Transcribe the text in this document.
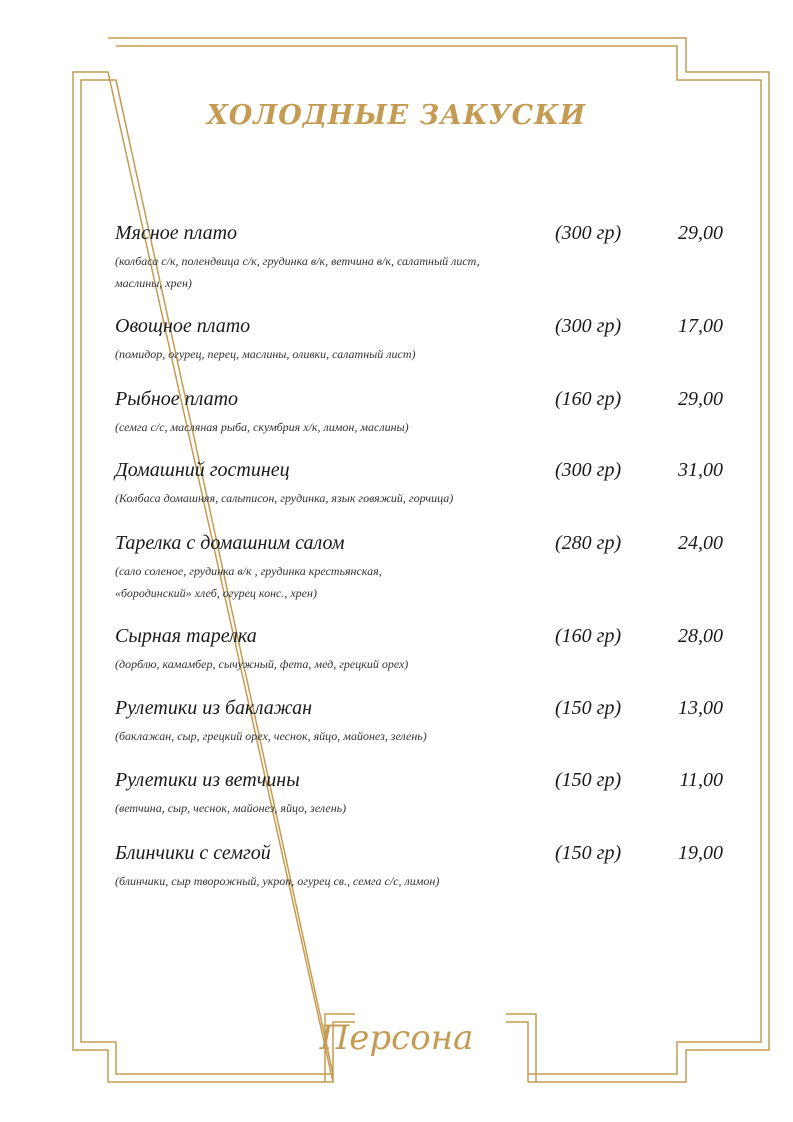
ХОЛОДНЫЕ ЗАКУСКИ
Мясное плато	(300 гр)	29,00
(колбаса с/к, полендвица с/к, грудинка в/к, ветчина в/к, салатный лист,
маслины, хрен)
Овощное плато	(300 гр)	17,00
(помидор, огурец, перец, маслины, оливки, салатный лист)
Рыбное плато	(160 гр)	29,00
(семга с/с, масляная рыба, скумбрия х/к, лимон, маслины)
Домашний гостинец	(300 гр)	31,00
(Колбаса домашняя, сальтисон, грудинка, язык говяжий, горчица)
Тарелка с домашним салом	(280 гр)	24,00
(сало соленое, грудинка в/к , грудинка крестьянская,
«бородинский» хлеб, огурец конс., хрен)
Сырная тарелка	(160 гр)	28,00
(дорблю, камамбер, сычужный, фета, мед, грецкий орех)
Рулетики из баклажан	(150 гр)	13,00
(баклажан, сыр, грецкий орех, чеснок, яйцо, майонез, зелень)
Рулетики из ветчины	(150 гр)	11,00
(ветчина, сыр, чеснок, майонез, яйцо, зелень)
Блинчики с семгой	(150 гр)	19,00
(блинчики, сыр творожный, укроп, огурец св., семга с/с, лимон)
Персона
